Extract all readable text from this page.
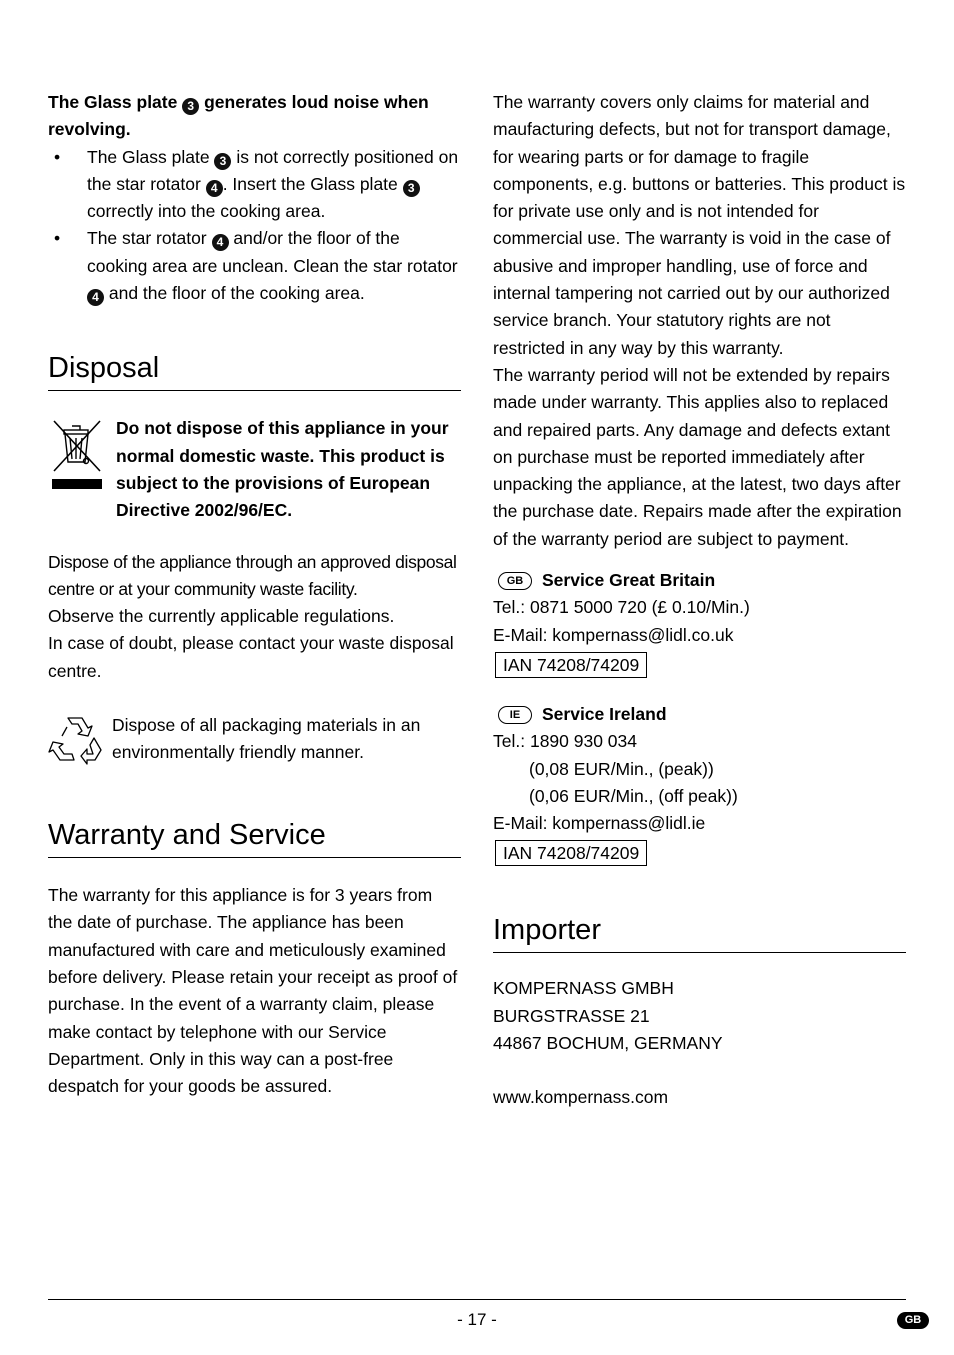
The Glass plate 3 generates loud noise when revolving.

• The Glass plate 3 is not correctly positioned on the star rotator 4 . Insert the Glass plate 3 correctly into the cooking area.
• The star rotator 4 and/or the floor of the cooking area are unclean. Clean the star rotator 4 and the floor of the cooking area.
Disposal

Do not dispose of this appliance in your normal domestic waste. This product is subject to the provisions of European Directive 2002/96/EC.

Dispose of the appliance through an approved disposal centre or at your community waste facility.

Observe the currently applicable regulations.

In case of doubt, please contact your waste disposal centre.

Dispose of all packaging materials in an environmentally friendly manner.

Warranty and Service

The warranty for this appliance is for 3 years from the date of purchase. The appliance has been manufactured with care and meticulously examined before delivery. Please retain your receipt as proof of purchase. In the event of a warranty claim, please make contact by telephone with our Service Department. Only in this way can a post-free despatch for your goods be assured.

The warranty covers only claims for material and maufacturing defects, but not for transport damage, for wearing parts or for damage to fragile components, e.g. buttons or batteries. This product is for private use only and is not intended for commercial use. The warranty is void in the case of abusive and improper handling, use of force and internal tampering not carried out by our authorized service branch. Your statutory rights are not restricted in any way by this warranty.

The warranty period will not be extended by repairs made under warranty. This applies also to replaced and repaired parts. Any damage and defects extant on purchase must be reported immediately after unpacking the appliance, at the latest, two days after the purchase date. Repairs made after the expiration of the warranty period are subject to payment.

GB Service Great Britain

Tel.: 0871 5000 720 (£ 0.10/Min.)

E-Mail: kompernass@lidl.co.uk

IAN 74208/74209

IE Service Ireland

Tel.: 1890 930 034

(0,08 EUR/Min., (peak))

(0,06 EUR/Min., (off peak))

E-Mail: kompernass@lidl.ie

IAN 74208/74209
Importer

KOMPERNASS GMBH

BURGSTRASSE 21

44867 BOCHUM, GERMANY

www.kompernass.com

- 17 -	GB
